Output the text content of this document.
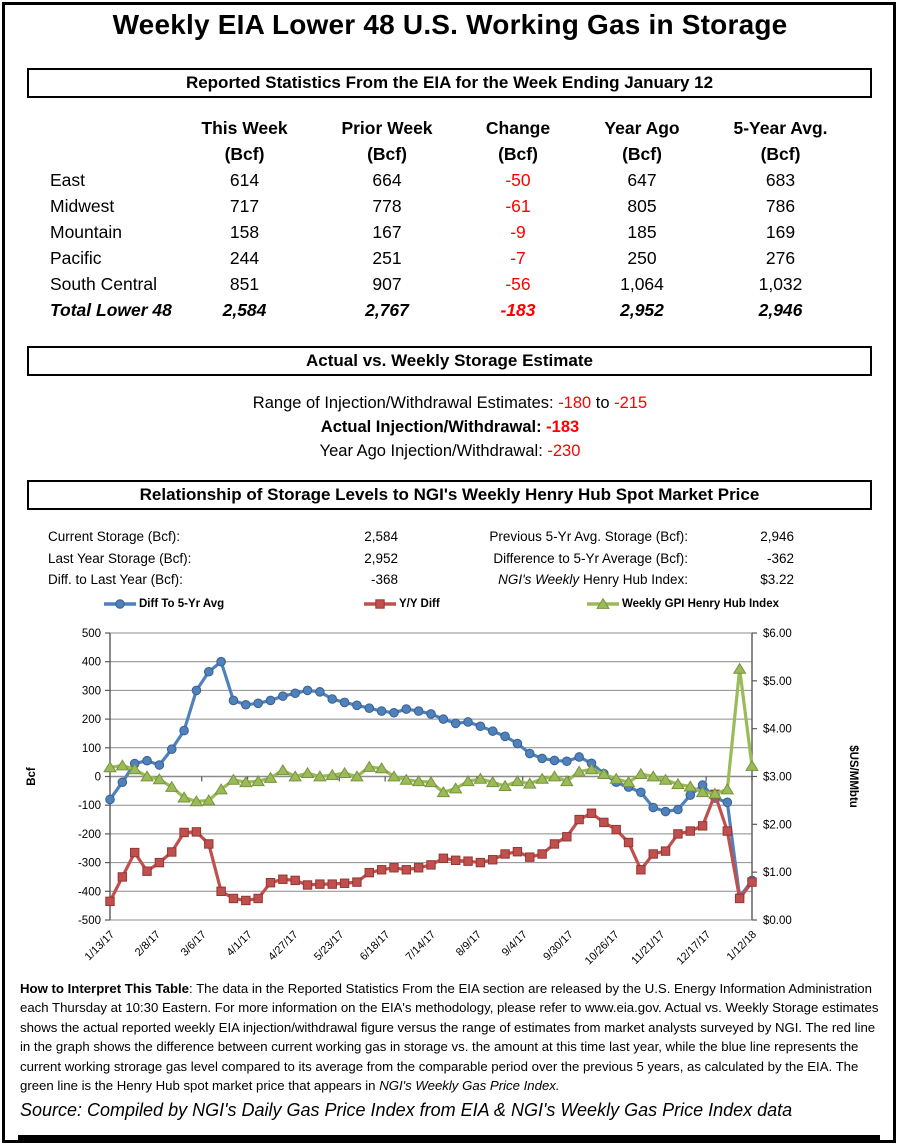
Weekly EIA Lower 48 U.S. Working Gas in Storage
Reported Statistics From the EIA for the Week Ending January 12
This Week	Prior Week	Change	Year Ago	5-Year Avg.
(Bcf)	(Bcf)	(Bcf)	(Bcf)	(Bcf)
East	614	664	-50	647	683
Midwest	717	778	-61	805	786
Mountain	158	167	-9	185	169
Pacific	244	251	-7	250	276
South Central	851	907	-56	1,064	1,032
Total Lower 48	2,584	2,767	-183	2,952	2,946
Actual vs. Weekly Storage Estimate
Range of Injection/Withdrawal Estimates: -180 to -215
Actual Injection/Withdrawal: -183
Year Ago Injection/Withdrawal: -230
Relationship of Storage Levels to NGI's Weekly Henry Hub Spot Market Price
Current Storage (Bcf):	2,584
Last Year Storage (Bcf):	2,952
Diff. to Last Year (Bcf):	-368
Previous 5-Yr Avg. Storage (Bcf):	2,946
Difference to 5-Yr Average (Bcf):	-362
NGI's Weekly Henry Hub Index:	$3.22
Diff To 5-Yr Avg	Y/Y Diff	Weekly GPI Henry Hub Index
500
400
300
200
100
0
-100
-200
-300
-400
-500
$6.00
$5.00
$4.00
$3.00
$2.00
$1.00
$0.00
1/13/17 2/8/17 3/6/17 4/1/17 4/27/17 5/23/17 6/18/17 7/14/17 8/9/17 9/4/17 9/30/17 10/26/17 11/21/17 12/17/17 1/12/18
Bcf	$US/MMbtu
How to Interpret This Table: The data in the Reported Statistics From the EIA section are released by the U.S. Energy Information Administration each Thursday at 10:30 Eastern. For more information on the EIA's methodology, please refer to www.eia.gov. Actual vs. Weekly Storage estimates shows the actual reported weekly EIA injection/withdrawal figure versus the range of estimates from market analysts surveyed by NGI. The red line in the graph shows the difference between current working gas in storage vs. the amount at this time last year, while the blue line represents the current working strorage gas level compared to its average from the comparable period over the previous 5 years, as calculated by the EIA. The green line is the Henry Hub spot market price that appears in NGI's Weekly Gas Price Index.
Source: Compiled by NGI's Daily Gas Price Index from EIA & NGI's Weekly Gas Price Index data
